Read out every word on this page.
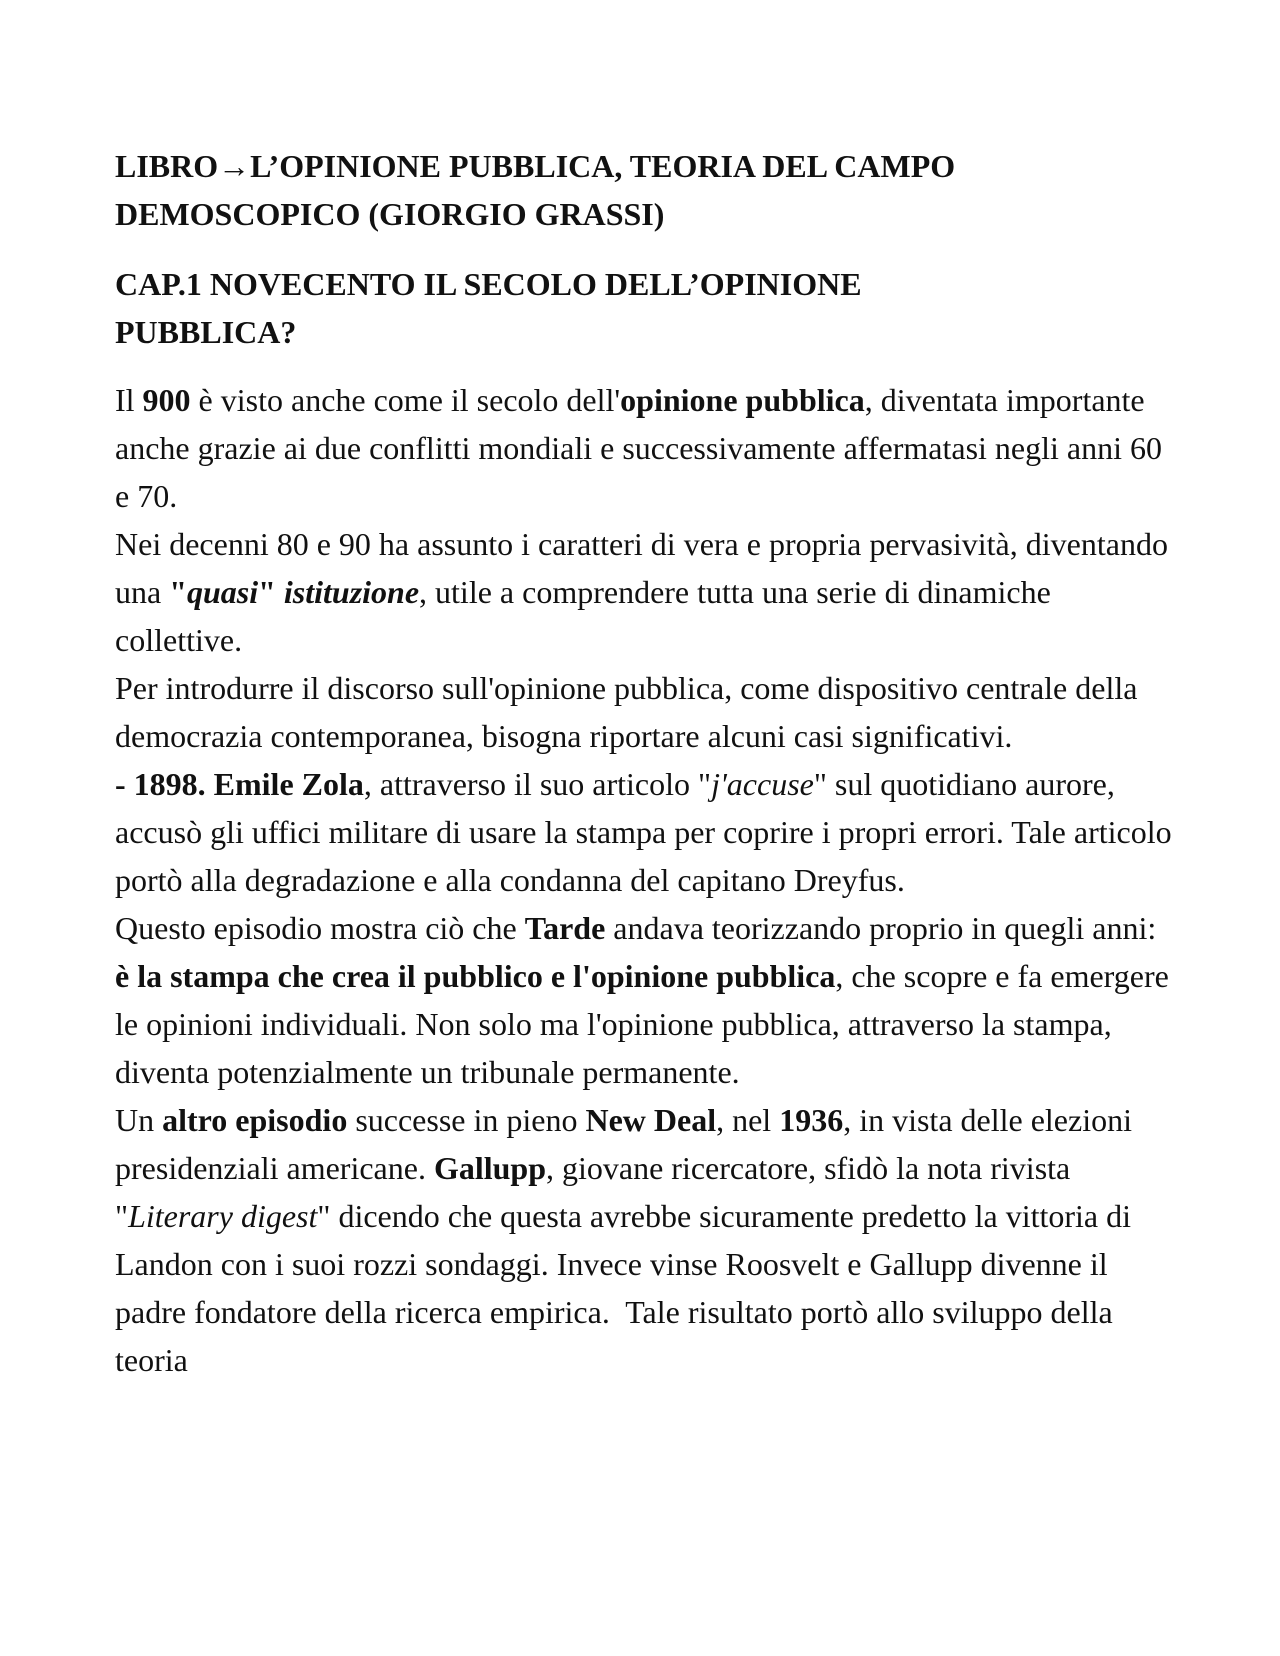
LIBRO→L’OPINIONE PUBBLICA, TEORIA DEL CAMPO
DEMOSCOPICO (GIORGIO GRASSI)
CAP.1 NOVECENTO IL SECOLO DELL’OPINIONE
PUBBLICA?

Il 900 è visto anche come il secolo dell'opinione pubblica, diventata importante anche grazie ai due conflitti mondiali e successivamente affermatasi negli anni 60 e 70.

Nei decenni 80 e 90 ha assunto i caratteri di vera e propria pervasività, diventando una "quasi" istituzione, utile a comprendere tutta una serie di dinamiche collettive.

Per introdurre il discorso sull'opinione pubblica, come dispositivo centrale della democrazia contemporanea, bisogna riportare alcuni casi significativi.

- 1898. Emile Zola, attraverso il suo articolo "j'accuse" sul quotidiano aurore, accusò gli uffici militare di usare la stampa per coprire i propri errori. Tale articolo portò alla degradazione e alla condanna del capitano Dreyfus.

Questo episodio mostra ciò che Tarde andava teorizzando proprio in quegli anni: è la stampa che crea il pubblico e l'opinione pubblica, che scopre e fa emergere le opinioni individuali. Non solo ma l'opinione pubblica, attraverso la stampa, diventa potenzialmente un tribunale permanente.

Un altro episodio successe in pieno New Deal, nel 1936, in vista delle elezioni presidenziali americane. Gallupp, giovane ricercatore, sfidò la nota rivista "Literary digest" dicendo che questa avrebbe sicuramente predetto la vittoria di Landon con i suoi rozzi sondaggi. Invece vinse Roosvelt e Gallupp divenne il padre fondatore della ricerca empirica.  Tale risultato portò allo sviluppo della teoria
